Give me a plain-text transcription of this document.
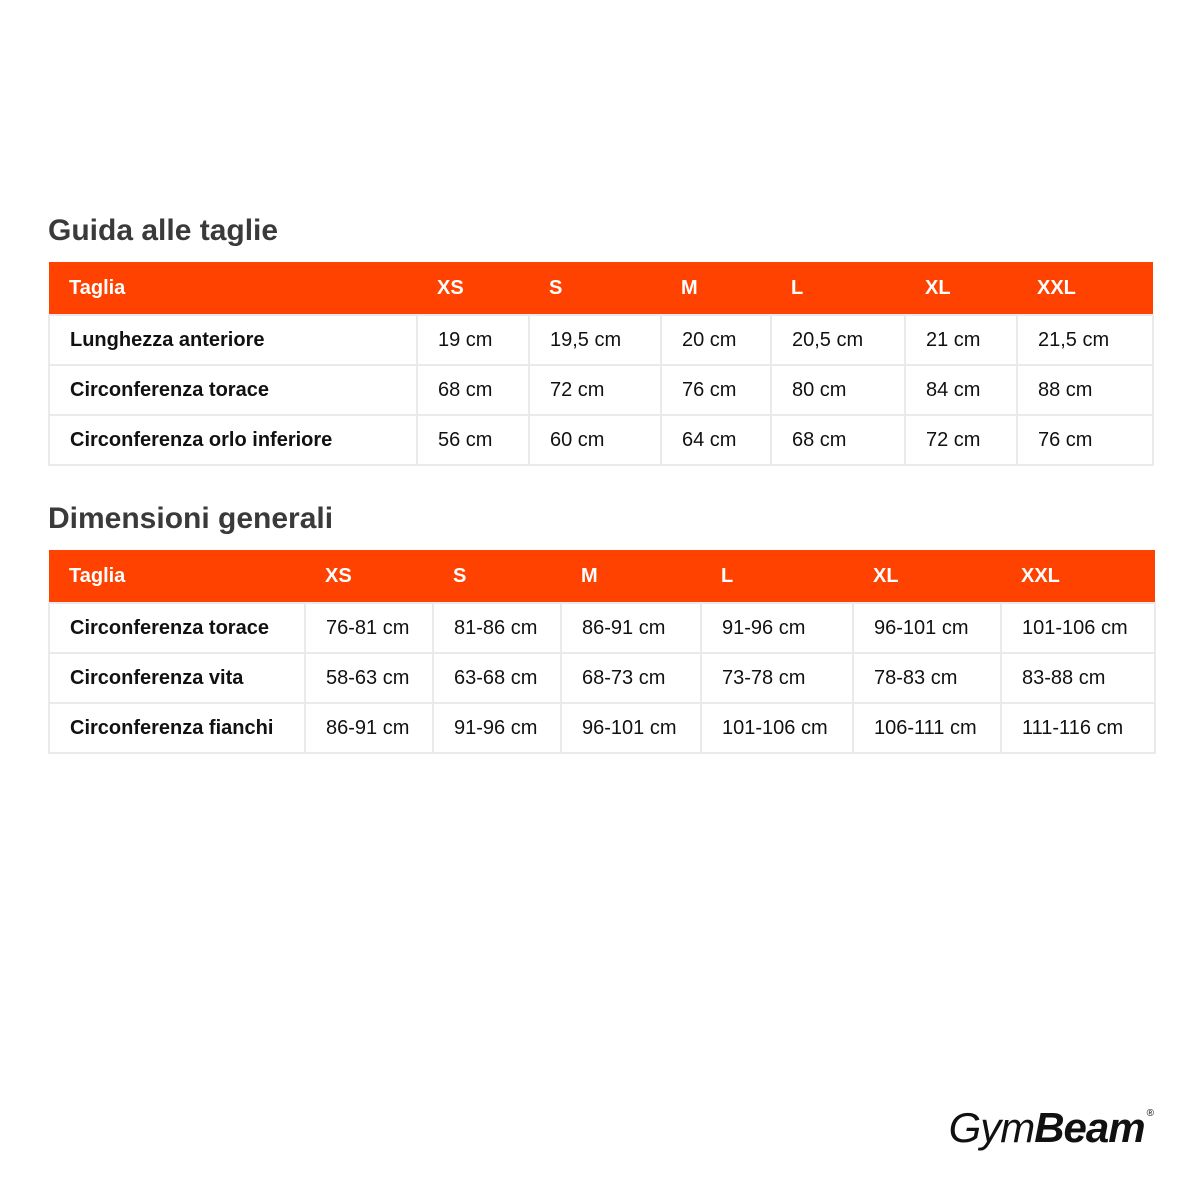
Guida alle taglie
Taglia	XS	S	M	L	XL	XXL
Lunghezza anteriore	19 cm	19,5 cm	20 cm	20,5 cm	21 cm	21,5 cm
Circonferenza torace	68 cm	72 cm	76 cm	80 cm	84 cm	88 cm
Circonferenza orlo inferiore	56 cm	60 cm	64 cm	68 cm	72 cm	76 cm
Dimensioni generali
Taglia	XS	S	M	L	XL	XXL
Circonferenza torace	76-81 cm	81-86 cm	86-91 cm	91-96 cm	96-101 cm	101-106 cm
Circonferenza vita	58-63 cm	63-68 cm	68-73 cm	73-78 cm	78-83 cm	83-88 cm
Circonferenza fianchi	86-91 cm	91-96 cm	96-101 cm	101-106 cm	106-111 cm	111-116 cm
Gym Beam ®
